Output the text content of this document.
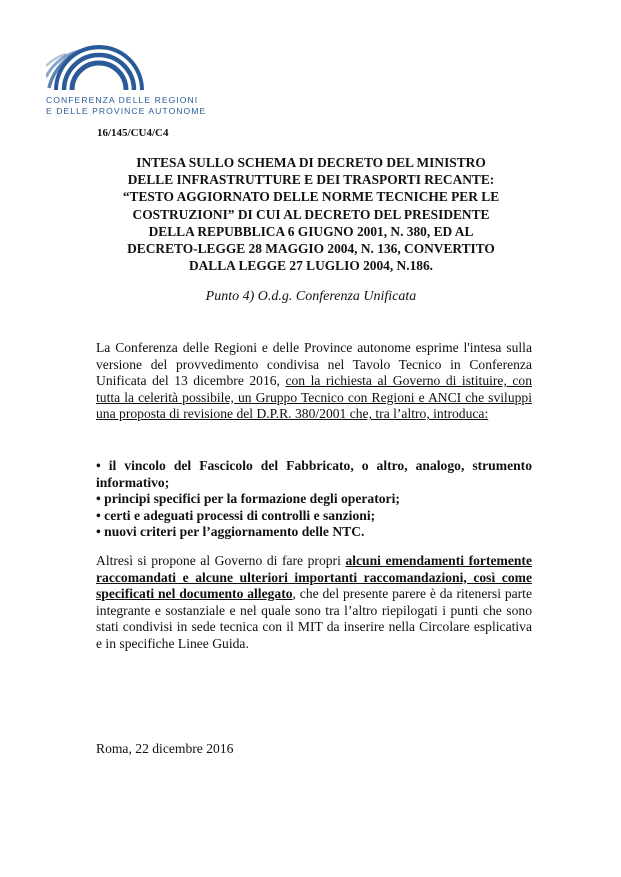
CONFERENZA DELLE REGIONI
E DELLE PROVINCE AUTONOME
16/145/CU4/C4
INTESA SULLO SCHEMA DI DECRETO DEL MINISTRO
DELLE INFRASTRUTTURE E DEI TRASPORTI RECANTE:
“TESTO AGGIORNATO DELLE NORME TECNICHE PER LE
COSTRUZIONI” DI CUI AL DECRETO DEL PRESIDENTE
DELLA REPUBBLICA 6 GIUGNO 2001, N. 380, ED AL
DECRETO-LEGGE 28 MAGGIO 2004, N. 136, CONVERTITO
DALLA LEGGE 27 LUGLIO 2004, N.186.
Punto 4) O.d.g. Conferenza Unificata

La Conferenza delle Regioni e delle Province autonome esprime l'intesa sulla versione del provvedimento condivisa nel Tavolo Tecnico in Conferenza Unificata del 13 dicembre 2016, con la richiesta al Governo di istituire, con tutta la celerità possibile, un Gruppo Tecnico con Regioni e ANCI che sviluppi una proposta di revisione del D.P.R. 380/2001 che, tra l’altro, introduca:

• il vincolo del Fascicolo del Fabbricato, o altro, analogo, strumento informativo;
• principi specifici per la formazione degli operatori;
• certi e adeguati processi di controlli e sanzioni;
• nuovi criteri per l’aggiornamento delle NTC.

Altresì si propone al Governo di fare propri alcuni emendamenti fortemente raccomandati e alcune ulteriori importanti raccomandazioni, così come specificati nel documento allegato, che del presente parere è da ritenersi parte integrante e sostanziale e nel quale sono tra l’altro riepilogati i punti che sono stati condivisi in sede tecnica con il MIT da inserire nella Circolare esplicativa e in specifiche Linee Guida.

Roma, 22 dicembre 2016
